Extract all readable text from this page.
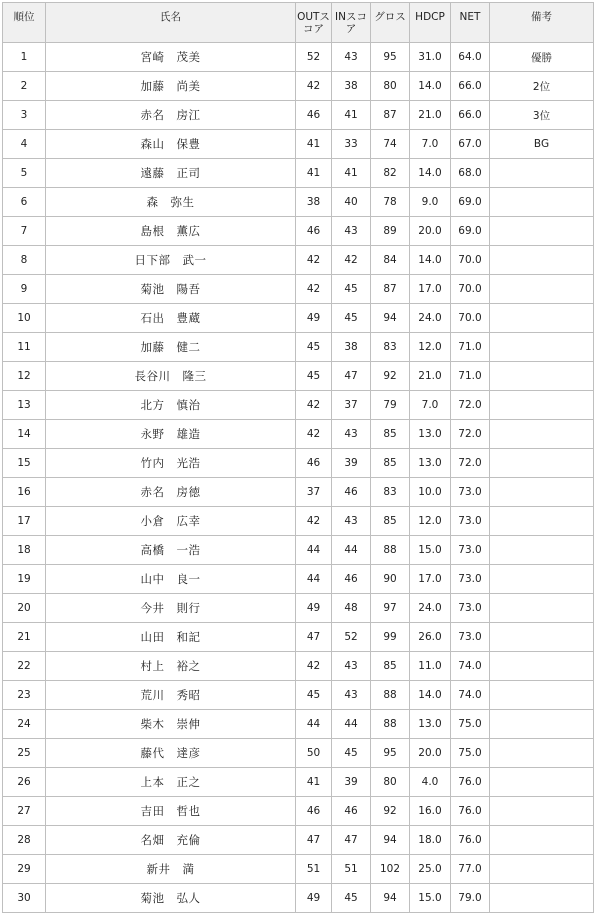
順位	氏名	OUTスコア	INスコア	グロス	HDCP	NET	備考
1	宮崎　茂美	52	43	95	31.0	64.0	優勝
2	加藤　尚美	42	38	80	14.0	66.0	2位
3	赤名　房江	46	41	87	21.0	66.0	3位
4	森山　保豊	41	33	74	7.0	67.0	BG
5	遠藤　正司	41	41	82	14.0	68.0	
6	森　弥生	38	40	78	9.0	69.0	
7	島根　薫広	46	43	89	20.0	69.0	
8	日下部　武一	42	42	84	14.0	70.0	
9	菊池　陽吾	42	45	87	17.0	70.0	
10	石出　豊蔵	49	45	94	24.0	70.0	
11	加藤　健二	45	38	83	12.0	71.0	
12	長谷川　隆三	45	47	92	21.0	71.0	
13	北方　慎治	42	37	79	7.0	72.0	
14	永野　雄造	42	43	85	13.0	72.0	
15	竹内　光浩	46	39	85	13.0	72.0	
16	赤名　房徳	37	46	83	10.0	73.0	
17	小倉　広幸	42	43	85	12.0	73.0	
18	高橋　一浩	44	44	88	15.0	73.0	
19	山中　良一	44	46	90	17.0	73.0	
20	今井　則行	49	48	97	24.0	73.0	
21	山田　和記	47	52	99	26.0	73.0	
22	村上　裕之	42	43	85	11.0	74.0	
23	荒川　秀昭	45	43	88	14.0	74.0	
24	柴木　崇伸	44	44	88	13.0	75.0	
25	藤代　達彦	50	45	95	20.0	75.0	
26	上本　正之	41	39	80	4.0	76.0	
27	吉田　哲也	46	46	92	16.0	76.0	
28	名畑　充倫	47	47	94	18.0	76.0	
29	新井　満	51	51	102	25.0	77.0	
30	菊池　弘人	49	45	94	15.0	79.0	
